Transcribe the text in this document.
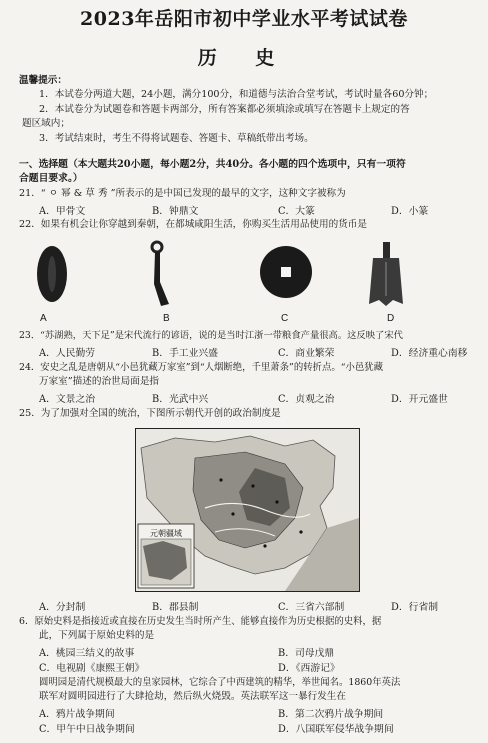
2023年岳阳市初中学业水平考试试卷
历 史
温馨提示：
1．本试卷分两道大题，24小题，满分100分，和道德与法治合堂考试，考试时量各60分钟；
2．本试卷分为试题卷和答题卡两部分，所有答案都必须填涂或填写在答题卡上规定的答
题区域内；
3．考试结束时，考生不得将试题卷、答题卡、草稿纸带出考场。
一、选择题（本大题共20小题，每小题2分，共40分。各小题的四个选项中，只有一项符
合题目要求。）
21．“ ㅇ 幂 & 草 秀 ”所表示的是中国已发现的最早的文字，这种文字被称为
A．甲骨文	B．钟鼎文	C．大篆	D．小篆
22．如果有机会让你穿越到秦朝，在都城咸阳生活，你购买生活用品使用的货币是
A	B	C	D
23．“苏湖熟，天下足”是宋代流行的谚语，说的是当时江浙一带粮食产量很高。这反映了宋代
A．人民勤劳	B．手工业兴盛	C．商业繁荣	D．经济重心南移
24．安史之乱是唐朝从“小邑犹藏万家室”到“人烟断绝，千里萧条”的转折点。“小邑犹藏
万家室”描述的治世局面是指
A．文景之治	B．光武中兴	C．贞观之治	D．开元盛世
25．为了加强对全国的统治，下图所示朝代开创的政治制度是
元朝疆域
A．分封制	B．郡县制	C．三省六部制	D．行省制
6．原始史料是指接近或直接在历史发生当时所产生、能够直接作为历史根据的史料，据
此，下列属于原始史料的是
A．桃园三结义的故事	B．司母戊鼎
C．电视剧《康熙王朝》	D．《西游记》
圆明园是清代规模最大的皇家园林，它综合了中西建筑的精华，举世闻名。1860年英法
联军对圆明园进行了大肆抢劫，然后纵火烧毁。英法联军这一暴行发生在
A．鸦片战争期间	B．第二次鸦片战争期间
C．甲午中日战争期间	D．八国联军侵华战争期间
